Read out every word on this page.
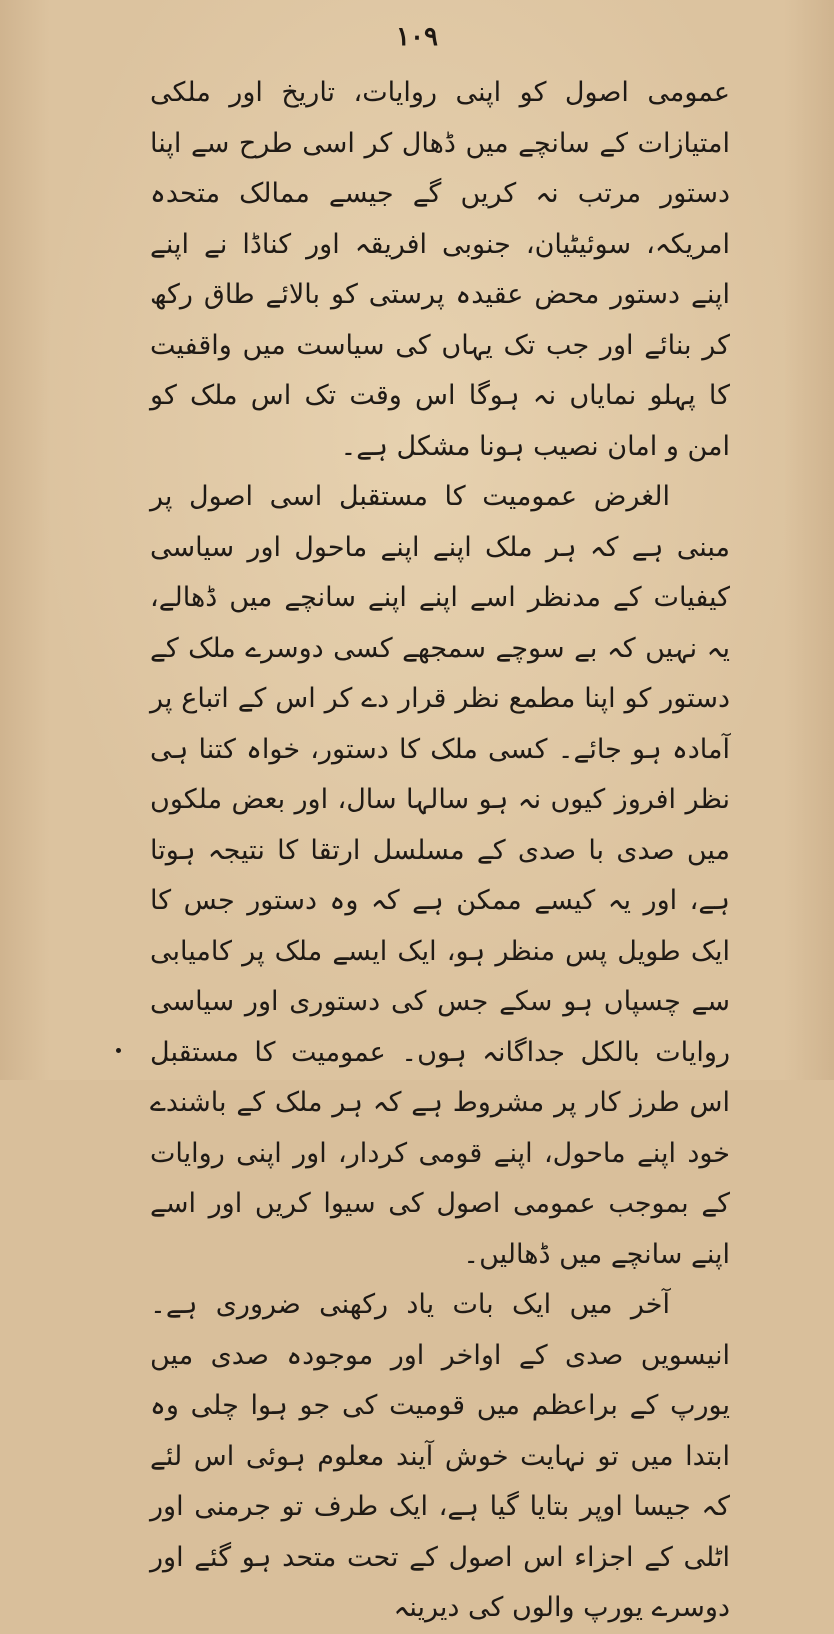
۱۰۹

عمومی اصول کو اپنی روایات، تاریخ اور ملکی امتیازات کے سانچے میں ڈھال کر اسی طرح سے اپنا دستور مرتب نہ کریں گے جیسے ممالک متحدہ امریکہ، سوئیٹیان، جنوبی افریقہ اور کناڈا نے اپنے اپنے دستور محض عقیدہ پرستی کو بالائے طاق رکھ کر بنائے اور جب تک یہاں کی سیاست میں واقفیت کا پہلو نمایاں نہ ہوگا اس وقت تک اس ملک کو امن و امان نصیب ہونا مشکل ہے۔

الغرض عمومیت کا مستقبل اسی اصول پر مبنی ہے کہ ہر ملک اپنے اپنے ماحول اور سیاسی کیفیات کے مدنظر اسے اپنے اپنے سانچے میں ڈھالے، یہ نہیں کہ بے سوچے سمجھے کسی دوسرے ملک کے دستور کو اپنا مطمع نظر قرار دے کر اس کے اتباع پر آمادہ ہو جائے۔ کسی ملک کا دستور، خواہ کتنا ہی نظر افروز کیوں نہ ہو سالہا سال، اور بعض ملکوں میں صدی با صدی کے مسلسل ارتقا کا نتیجہ ہوتا ہے، اور یہ کیسے ممکن ہے کہ وہ دستور جس کا ایک طویل پس منظر ہو، ایک ایسے ملک پر کامیابی سے چسپاں ہو سکے جس کی دستوری اور سیاسی روایات بالکل جداگانہ ہوں۔ عمومیت کا مستقبل اس طرز کار پر مشروط ہے کہ ہر ملک کے باشندے خود اپنے ماحول، اپنے قومی کردار، اور اپنی روایات کے بموجب عمومی اصول کی سیوا کریں اور اسے اپنے سانچے میں ڈھالیں۔

آخر میں ایک بات یاد رکھنی ضروری ہے۔ انیسویں صدی کے اواخر اور موجودہ صدی میں یورپ کے براعظم میں قومیت کی جو ہوا چلی وہ ابتدا میں تو نہایت خوش آیند معلوم ہوئی اس لئے کہ جیسا اوپر بتایا گیا ہے، ایک طرف تو جرمنی اور اٹلی کے اجزاء اس اصول کے تحت متحد ہو گئے اور دوسرے یورپ والوں کی دیرینہ
